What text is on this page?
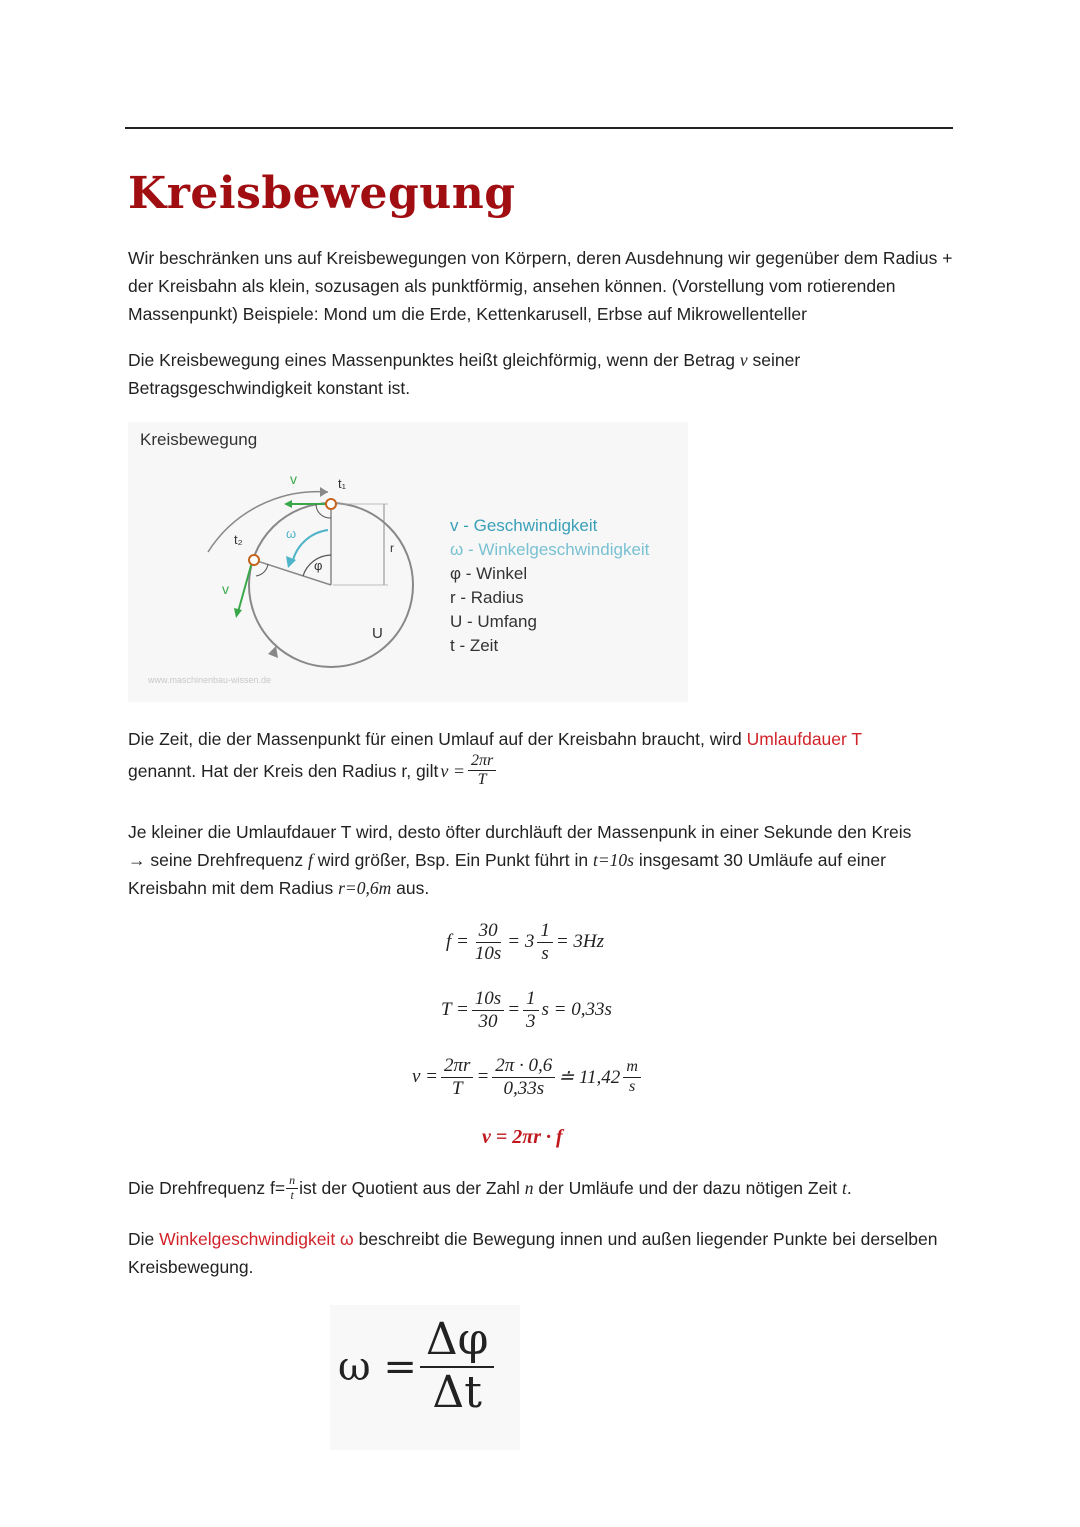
Kreisbewegung

Wir beschränken uns auf Kreisbewegungen von Körpern, deren Ausdehnung wir gegenüber dem Radius + der Kreisbahn als klein, sozusagen als punktförmig, ansehen können. (Vorstellung vom rotierenden Massenpunkt) Beispiele: Mond um die Erde, Kettenkarusell, Erbse auf Mikrowellenteller

Die Kreisbewegung eines Massenpunktes heißt gleichförmig, wenn der Betrag v seiner Betragsgeschwindigkeit konstant ist.

Kreisbewegung
v	t₁
t₂
v
ω
φ
r
U
v - Geschwindigkeit
ω - Winkelgeschwindigkeit
φ - Winkel
r - Radius
U - Umfang
t - Zeit
www.maschinenbau-wissen.de

Die Zeit, die der Massenpunkt für einen Umlauf auf der Kreisbahn braucht, wird Umlaufdauer T

genannt. Hat der Kreis den Radius r, gilt $v = \frac{2\pi r}{T}$

Je kleiner die Umlaufdauer T wird, desto öfter durchläuft der Massenpunk in einer Sekunde den Kreis
→ seine Drehfrequenz f wird größer, Bsp. Ein Punkt führt in t=10s insgesamt 30 Umläufe auf einer Kreisbahn mit dem Radius r=0,6m aus.

$f = \frac{30}{10s} = 3 \frac{1}{s} = 3Hz$
$T = \frac{10s}{30} = \frac{1}{3}$ s = 0,33s
$v = \frac{2\pi r}{T} = \frac{2\pi \cdot 0,6}{0,33s}$ ≐ $11,42 \frac{m}{s}$
v = 2πr · f
Die Drehfrequenz $f= \frac{n}{t}$ ist der Quotient aus der Zahl
n
der Umläufe und der dazu nötigen Zeit
t .

Die Winkelgeschwindigkeit ω beschreibt die Bewegung innen und außen liegender Punkte bei derselben Kreisbewegung.

$\omega = \frac{\Delta\varphi}{\Delta t}$
